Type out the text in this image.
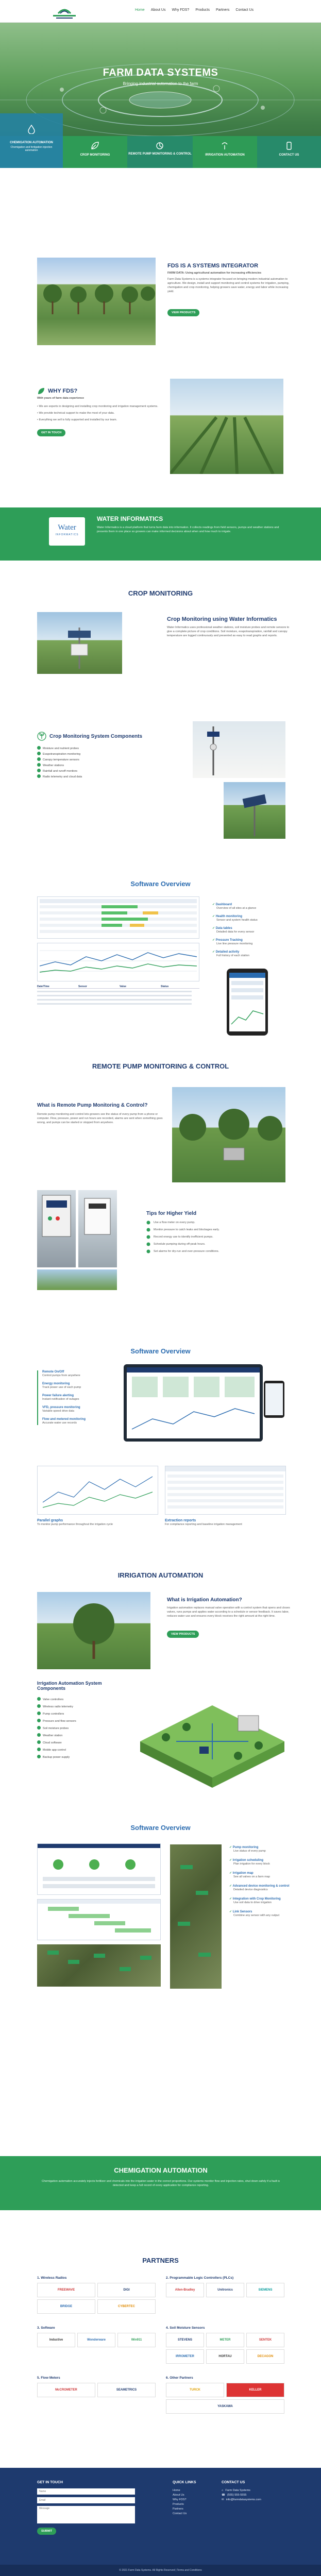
Home About Us Why FDS? Products Partners Contact Us
FARM DATA SYSTEMS
Bringing industrial automation to the farm
CHEMIGATION AUTOMATION
Chemigation and fertigation injection automation
CROP MONITORING	REMOTE PUMP MONITORING & CONTROL	IRRIGATION AUTOMATION	CONTACT US
FDS IS A SYSTEMS INTEGRATOR
FARM DATA: Using agricultural automation for increasing efficiencies
Farm Data Systems is a systems integrator focused on bringing modern industrial automation to agriculture. We design, install and support monitoring and control systems for irrigation, pumping, chemigation and crop monitoring, helping growers save water, energy and labor while increasing yield.
VIEW PRODUCTS
WHY FDS?
With years of farm data experience
• We are experts in designing and installing crop monitoring and irrigation management systems.
• We provide technical support to make the most of your data.
• Everything we sell is fully supported and installed by our team.
GET IN TOUCH
Water
INFORMATICS
WATER INFORMATICS
Water Informatics is a cloud platform that turns farm data into information. It collects readings from field sensors, pumps and weather stations and presents them in one place so growers can make informed decisions about when and how much to irrigate.
CROP MONITORING
Crop Monitoring using Water Informatics
Water Informatics uses professional weather stations, soil moisture probes and remote sensors to give a complete picture of crop conditions. Soil moisture, evapotranspiration, rainfall and canopy temperature are logged continuously and presented as easy to read graphs and reports.
Crop Monitoring System Components
Moisture and nutrient probes
Evapotranspiration monitoring
Canopy temperature sensors
Weather stations
Rainfall and runoff monitors
Radio telemetry and cloud data
Software Overview
Date/Time	Sensor	Value	Status
✓ Dashboard
Overview of all sites at a glance
✓ Health monitoring
Sensor and system health status
✓ Data tables
Detailed data for every sensor
✓ Pressure Tracking
Live line pressure monitoring
✓ Detailed activity
Full history of each station
REMOTE PUMP MONITORING & CONTROL
What is Remote Pump Monitoring & Control?
Remote pump monitoring and control lets growers see the status of every pump from a phone or computer. Flow, pressure, power and run hours are recorded, alarms are sent when something goes wrong, and pumps can be started or stopped from anywhere.
Tips for Higher Yield
Use a flow meter on every pump.
Monitor pressure to catch leaks and blockages early.
Record energy use to identify inefficient pumps.
Schedule pumping during off-peak hours.
Set alarms for dry-run and over-pressure conditions.
Software Overview
Remote On/Off
Control pumps from anywhere
Energy monitoring
Track power use of each pump
Power failure alerting
Instant notification of outages
VFD, pressure monitoring
Variable speed drive data
Flow and metered monitoring
Accurate water use records
Parallel graphs
To monitor pump performance throughout the irrigation cycle
Extraction reports
For compliance reporting and baseline irrigation management
IRRIGATION AUTOMATION
What is Irrigation Automation?
Irrigation automation replaces manual valve operation with a control system that opens and closes valves, runs pumps and applies water according to a schedule or sensor feedback. It saves labor, reduces water use and ensures every block receives the right amount at the right time.
VIEW PRODUCTS
Irrigation Automation System Components
Valve controllers
Wireless radio telemetry
Pump controllers
Pressure and flow sensors
Soil moisture probes
Weather station
Cloud software
Mobile app control
Backup power supply
Software Overview
✓ Pump monitoring
Live status of every pump
✓ Irrigation scheduling
Plan irrigation for every block
✓ Irrigation map
See all valves on a farm map
✓ Advanced device monitoring & control
Detailed device diagnostics
✓ Integration with Crop Monitoring
Use soil data to drive irrigation
✓ Link Sensors
Combine any sensor with any output
CHEMIGATION AUTOMATION
Chemigation automation accurately injects fertilizer and chemicals into the irrigation water in the correct proportions. Our systems monitor flow and injection rates, shut down safely if a fault is detected and keep a full record of every application for compliance reporting.
PARTNERS
1. Wireless Radios
FREEWAVE	DIGI
BRIDGE	CYBERTEC
2. Programmable Logic Controllers (PLCs)
Allen-Bradley	Unitronics	SIEMENS
3. Software
Inductive	Wonderware	Win911
4. Soil Moisture Sensors
STEVENS	METER	SENTEK
IRROMETER	HORTAU	DECAGON
5. Flow Meters
McCROMETER	SEAMETRICS
6. Other Partners
TURCK	KELLER
YASKAWA
GET IN TOUCH
Name
Email
Message SUBMIT
QUICK LINKS
Home
About Us
Why FDS?
Products
Partners
Contact Us
CONTACT US
⌂ Farm Data Systems
☎ (555) 555-5555
✉ info@farmdatasystems.com
© 2021 Farm Data Systems. All Rights Reserved | Terms and Conditions
